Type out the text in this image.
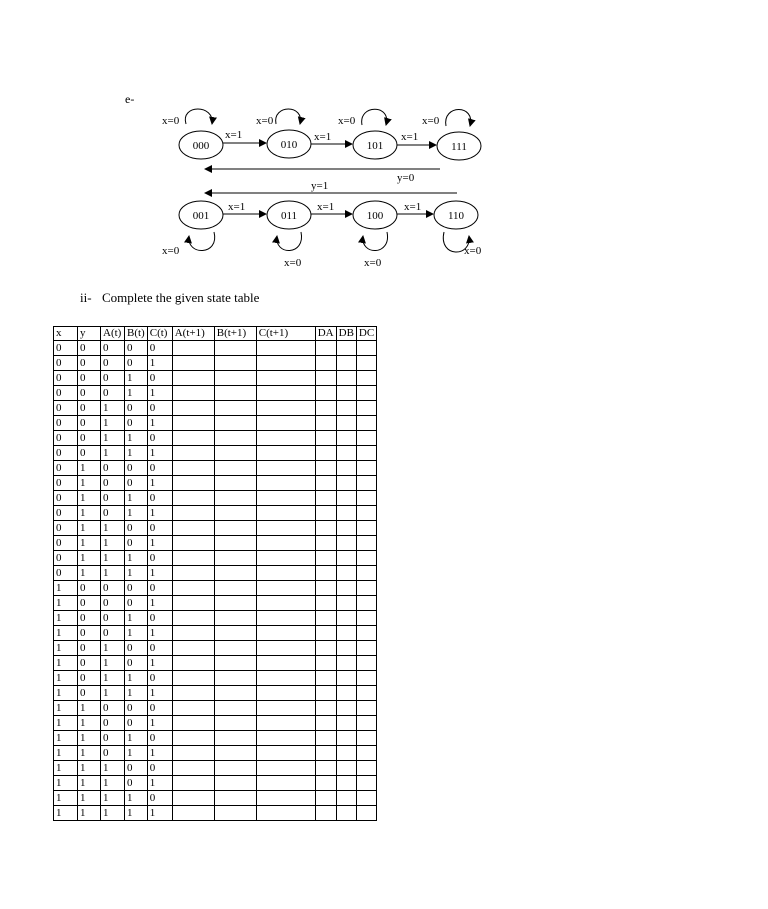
e-
000	010	101	111
x=0	x=0	x=0	x=0
x=1	x=1	x=1
y=0
y=1
001	011	100	110
x=1	x=1	x=1
x=0
x=0	x=0
x=0
ii- Complete the given state table
x	y	A(t)	B(t)	C(t)	A(t+1)	B(t+1)	C(t+1)	DA	DB	DC
0	0	0	0	0						
0	0	0	0	1						
0	0	0	1	0						
0	0	0	1	1						
0	0	1	0	0						
0	0	1	0	1						
0	0	1	1	0						
0	0	1	1	1						
0	1	0	0	0						
0	1	0	0	1						
0	1	0	1	0						
0	1	0	1	1						
0	1	1	0	0						
0	1	1	0	1						
0	1	1	1	0						
0	1	1	1	1						
1	0	0	0	0						
1	0	0	0	1						
1	0	0	1	0						
1	0	0	1	1						
1	0	1	0	0						
1	0	1	0	1						
1	0	1	1	0						
1	0	1	1	1						
1	1	0	0	0						
1	1	0	0	1						
1	1	0	1	0						
1	1	0	1	1						
1	1	1	0	0						
1	1	1	0	1						
1	1	1	1	0						
1	1	1	1	1						
